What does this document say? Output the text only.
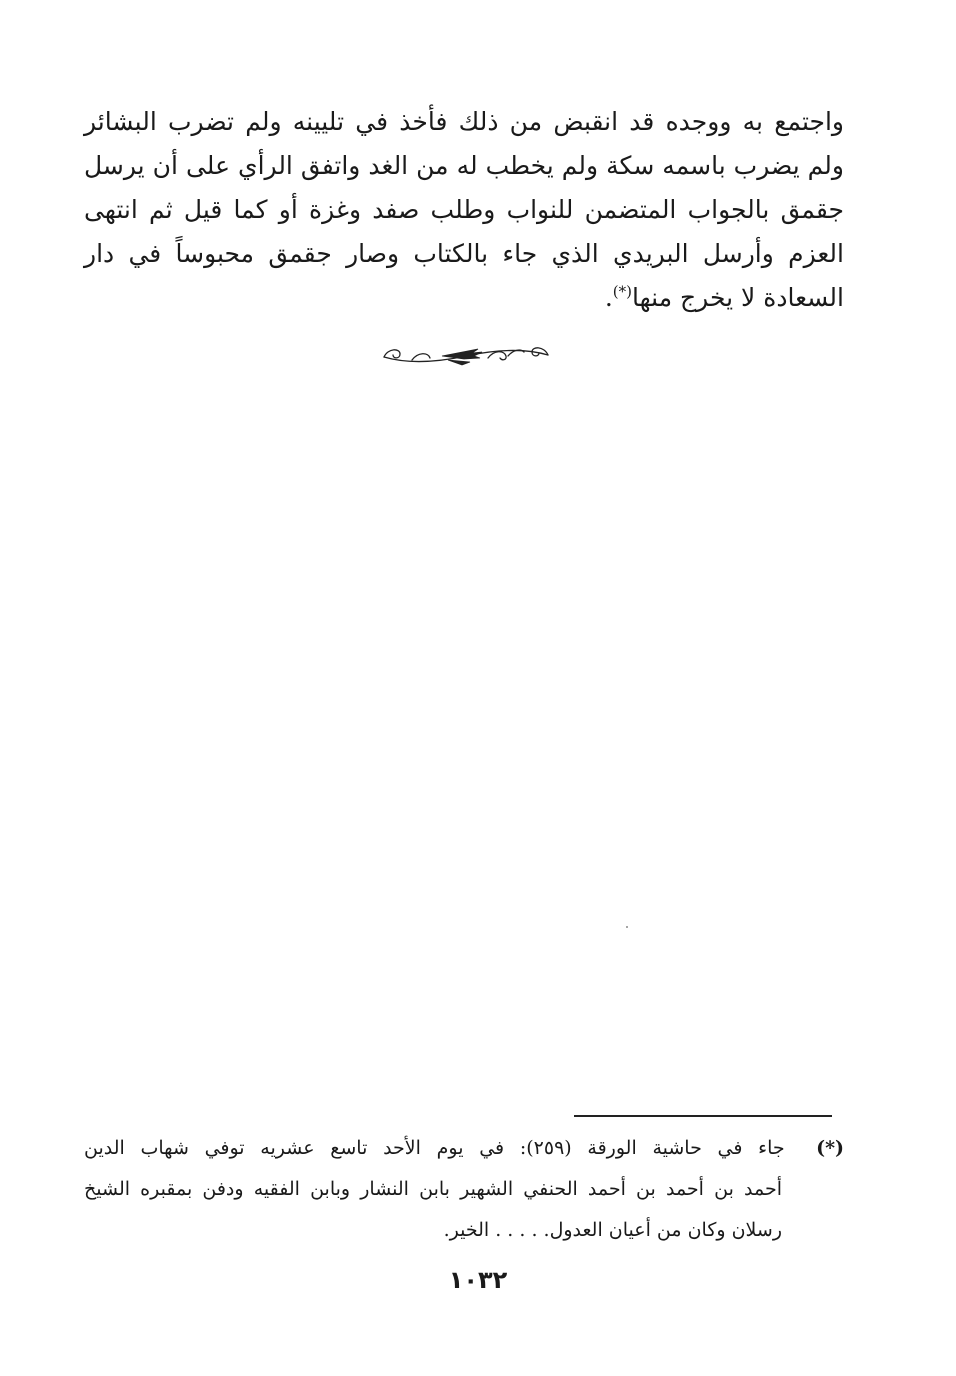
واجتمع به ووجده قد انقبض من ذلك فأخذ في تليينه ولم تضرب البشائر
ولم يضرب باسمه سكة ولم يخطب له من الغد واتفق الرأي على أن يرسل
جقمق بالجواب المتضمن للنواب وطلب صفد وغزة أو كما قيل ثم انتهى
العزم وأرسل البريدي الذي جاء بالكتاب وصار جقمق محبوساً في دار
السعادة لا يخرج منها(*).
(*)  جاء في حاشية الورقة (٢٥٩): في يوم الأحد تاسع عشريه توفي شهاب الدين
أحمد بن أحمد بن أحمد الحنفي الشهير بابن النشار وبابن الفقيه ودفن بمقبره الشيخ
رسلان وكان من أعيان العدول. . . . . الخير.
١٠٣٢
